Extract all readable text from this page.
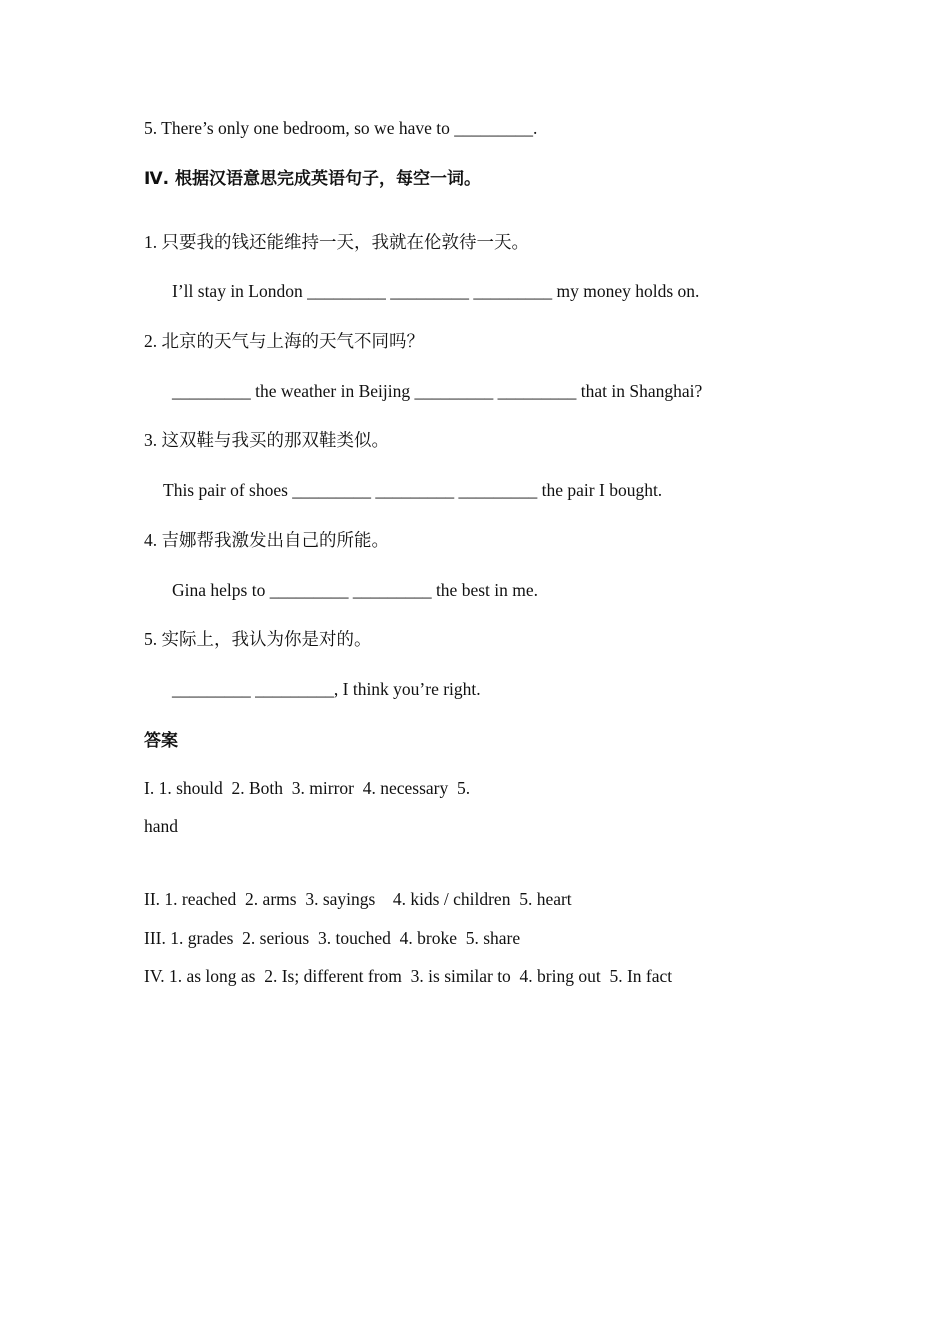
5. There’s only one bedroom, so we have to _________.
Ⅳ. 根据汉语意思完成英语句子，每空一词。
1. 只要我的钱还能维持一天，我就在伦敦待一天。
I’ll stay in London _________ _________ _________ my money holds on.
2. 北京的天气与上海的天气不同吗？
_________ the weather in Beijing _________ _________ that in Shanghai?
3. 这双鞋与我买的那双鞋类似。
This pair of shoes _________ _________ _________ the pair I bought.
4. 吉娜帮我激发出自己的所能。
Gina helps to _________ _________ the best in me.
5. 实际上，我认为你是对的。
_________ _________, I think you’re right.
答案
I. 1. should  2. Both  3. mirror  4. necessary  5.
hand
II. 1. reached  2. arms  3. sayings    4. kids / children  5. heart
III. 1. grades  2. serious  3. touched  4. broke  5. share
IV. 1. as long as  2. Is; different from  3. is similar to  4. bring out  5. In fact
